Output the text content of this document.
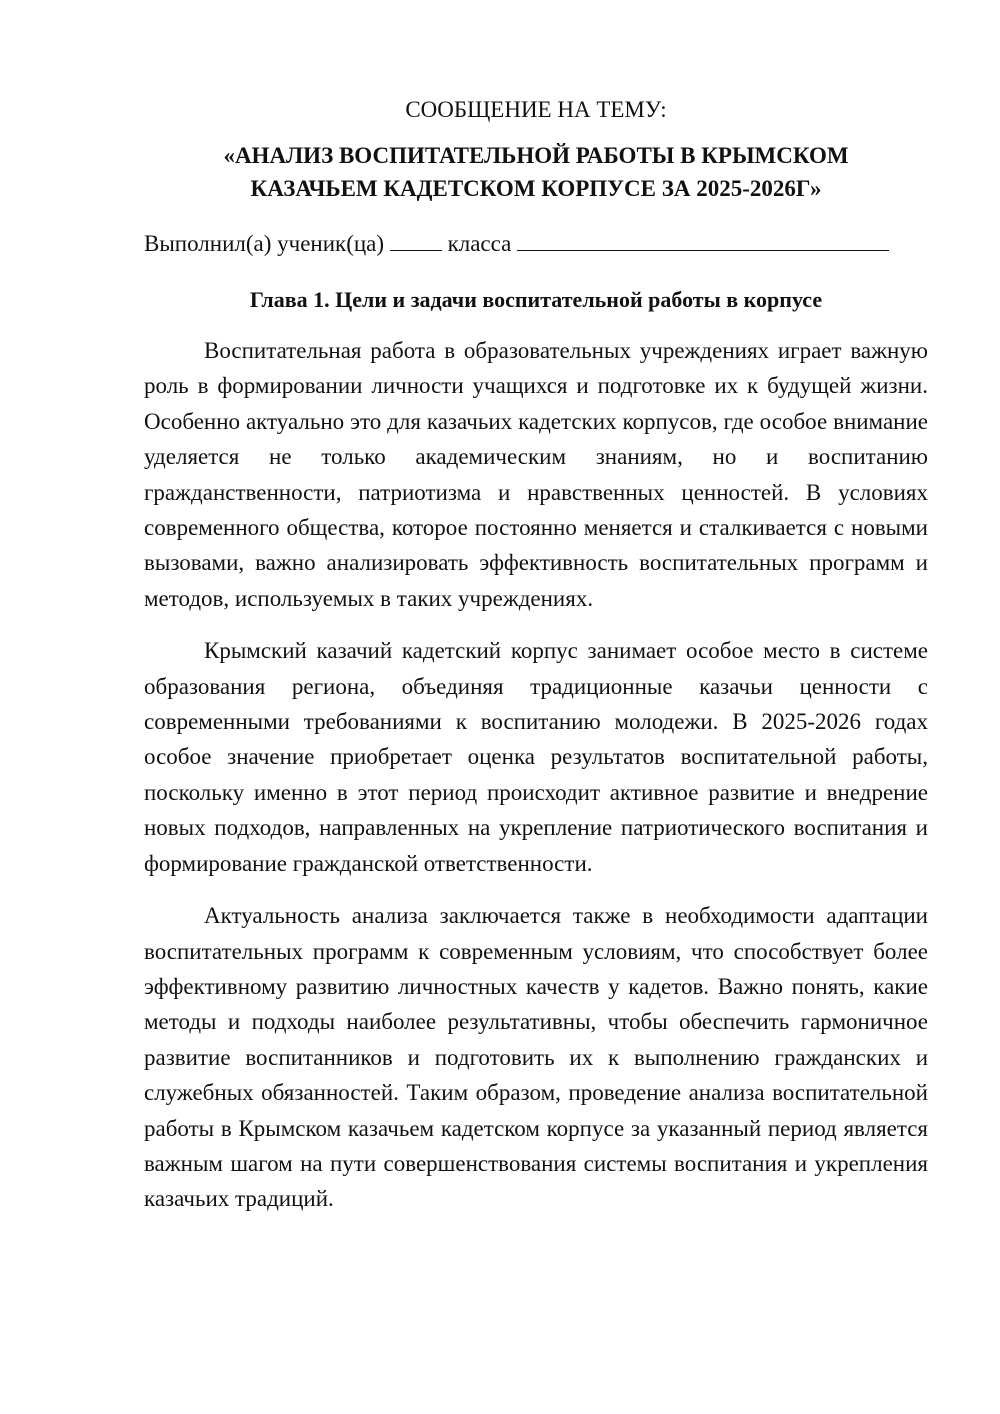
СООБЩЕНИЕ НА ТЕМУ:

«АНАЛИЗ ВОСПИТАТЕЛЬНОЙ РАБОТЫ В КРЫМСКОМ

КАЗАЧЬЕМ КАДЕТСКОМ КОРПУСЕ ЗА 2025-2026Г»

Выполнил(а) ученик(ца)	класса
Глава 1. Цели и задачи воспитательной работы в корпусе

Воспитательная работа в образовательных учреждениях играет важную роль в формировании личности учащихся и подготовке их к будущей жизни. Особенно актуально это для казачьих кадетских корпусов, где особое внимание уделяется не только академическим знаниям, но и воспитанию гражданственности, патриотизма и нравственных ценностей. В условиях современного общества, которое постоянно меняется и сталкивается с новыми вызовами, важно анализировать эффективность воспитательных программ и методов, используемых в таких учреждениях.

Крымский казачий кадетский корпус занимает особое место в системе образования региона, объединяя традиционные казачьи ценности с современными требованиями к воспитанию молодежи. В 2025-2026 годах особое значение приобретает оценка результатов воспитательной работы, поскольку именно в этот период происходит активное развитие и внедрение новых подходов, направленных на укрепление патриотического воспитания и формирование гражданской ответственности.

Актуальность анализа заключается также в необходимости адаптации воспитательных программ к современным условиям, что способствует более эффективному развитию личностных качеств у кадетов. Важно понять, какие методы и подходы наиболее результативны, чтобы обеспечить гармоничное развитие воспитанников и подготовить их к выполнению гражданских и служебных обязанностей. Таким образом, проведение анализа воспитательной работы в Крымском казачьем кадетском корпусе за указанный период является важным шагом на пути совершенствования системы воспитания и укрепления казачьих традиций.
